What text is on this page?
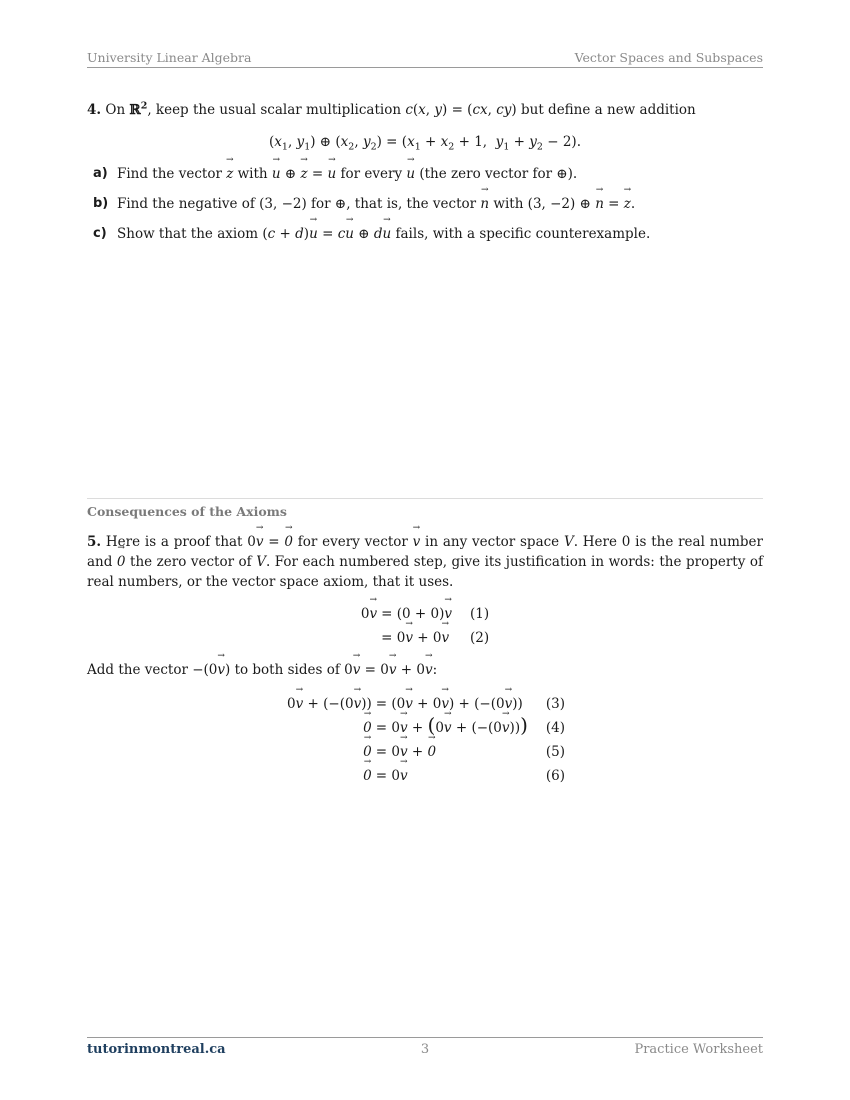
University Linear Algebra	Vector Spaces and Subspaces

4. On ℝ$^2$, keep the usual scalar multiplication c(x, y) = (cx, cy) but define a new addition

($x_1$, $y_1$) ⊕ ($x_2$, $y_2) = (x_1 + x_2 + 1$,  $y_1 + y_2 - 2$).
a) Find the vector → z with → u ⊕ → z = → u for every → u (the zero vector for ⊕).
b) Find the negative of (3, −2) for ⊕, that is, the vector → n with (3, −2) ⊕ → n = → z.
c) Show that the axiom (c + d)→ u = c→ u ⊕ d→ u fails, with a specific counterexample.
Consequences of the Axioms

5. Here is a proof that 0→ v = → 0 for every vector → v in any vector space V. Here 0 is the real number and → 0 the zero vector of V. For each numbered step, give its justification in words: the property of real numbers, or the vector space axiom, that it uses.

0→ v	= (0 + 0)→ v	(1)
	= 0→ v + 0→ v	(2)

Add the vector −(0→ v) to both sides of 0→ v = 0→ v + 0→ v:

0→ v + (−(0→ v))	= (0→ v + 0→ v) + (−(0→ v))	(3)
→ 0	= 0→ v + (0→ v + (−(0→ v)))	(4)
→ 0	= 0→ v + → 0	(5)
→ 0	= 0→ v	(6)
tutorinmontreal.ca	3	Practice Worksheet
